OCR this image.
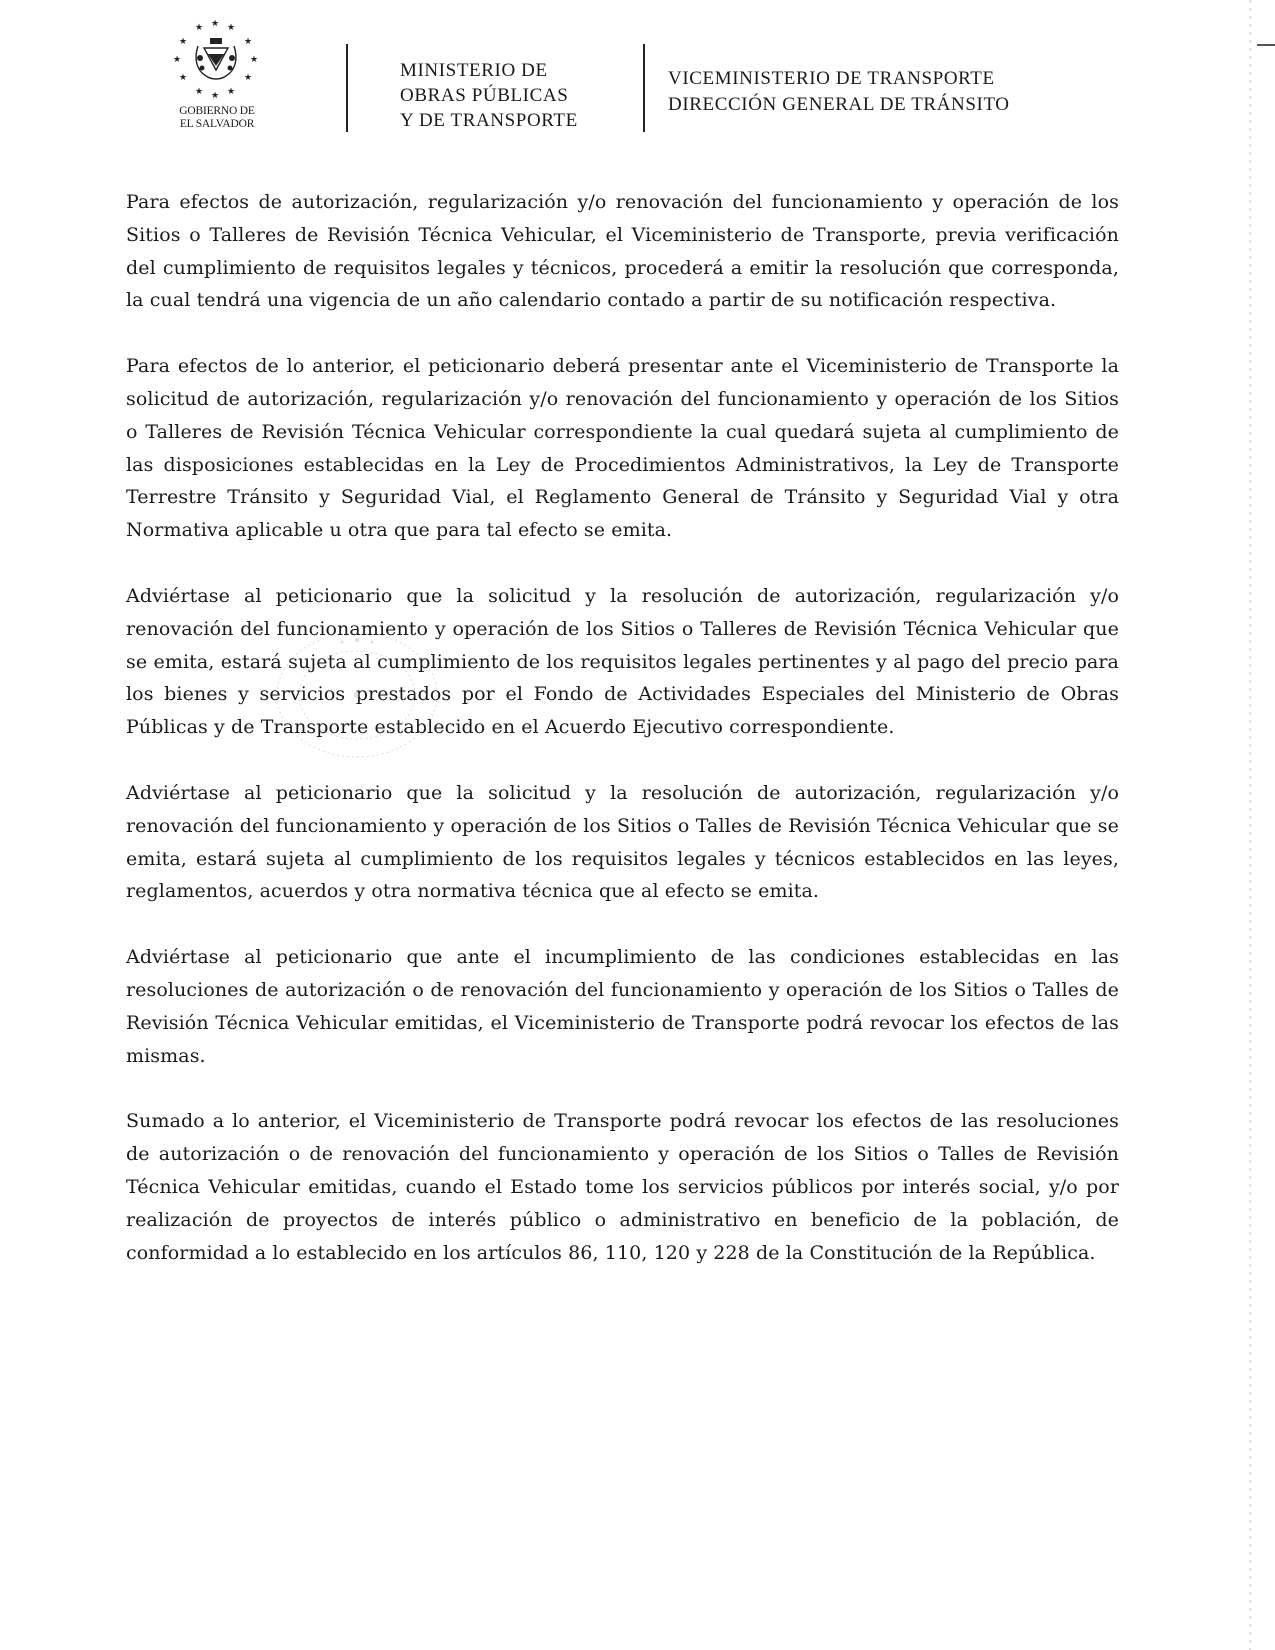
★ ★ ★
★	★
★	★
★	★
★ ★ ★
GOBIERNO DE
EL SALVADOR
MINISTERIO DE
OBRAS PÚBLICAS
Y DE TRANSPORTE
VICEMINISTERIO DE TRANSPORTE
DIRECCIÓN GENERAL DE TRÁNSITO

Para efectos de autorización, regularización y/o renovación del funcionamiento y operación de los Sitios o Talleres de Revisión Técnica Vehicular, el Viceministerio de Transporte, previa verificación del cumplimiento de requisitos legales y técnicos, procederá a emitir la resolución que corresponda, la cual tendrá una vigencia de un año calendario contado a partir de su notificación respectiva.

Para efectos de lo anterior, el peticionario deberá presentar ante el Viceministerio de Transporte la solicitud de autorización, regularización y/o renovación del funcionamiento y operación de los Sitios o Talleres de Revisión Técnica Vehicular correspondiente la cual quedará sujeta al cumplimiento de las disposiciones establecidas en la Ley de Procedimientos Administrativos, la Ley de Transporte Terrestre Tránsito y Seguridad Vial, el Reglamento General de Tránsito y Seguridad Vial y otra Normativa aplicable u otra que para tal efecto se emita.

Adviértase al peticionario que la solicitud y la resolución de autorización, regularización y/o renovación del funcionamiento y operación de los Sitios o Talleres de Revisión Técnica Vehicular que se emita, estará sujeta al cumplimiento de los requisitos legales pertinentes y al pago del precio para los bienes y servicios prestados por el Fondo de Actividades Especiales del Ministerio de Obras Públicas y de Transporte establecido en el Acuerdo Ejecutivo correspondiente.

Adviértase al peticionario que la solicitud y la resolución de autorización, regularización y/o renovación del funcionamiento y operación de los Sitios o Talles de Revisión Técnica Vehicular que se emita, estará sujeta al cumplimiento de los requisitos legales y técnicos establecidos en las leyes, reglamentos, acuerdos y otra normativa técnica que al efecto se emita.

Adviértase al peticionario que ante el incumplimiento de las condiciones establecidas en las resoluciones de autorización o de renovación del funcionamiento y operación de los Sitios o Talles de Revisión Técnica Vehicular emitidas, el Viceministerio de Transporte podrá revocar los efectos de las mismas.

Sumado a lo anterior, el Viceministerio de Transporte podrá revocar los efectos de las resoluciones de autorización o de renovación del funcionamiento y operación de los Sitios o Talles de Revisión Técnica Vehicular emitidas, cuando el Estado tome los servicios públicos por interés social, y/o por realización de proyectos de interés público o administrativo en beneficio de la población, de conformidad a lo establecido en los artículos 86, 110, 120 y 228 de la Constitución de la República.
